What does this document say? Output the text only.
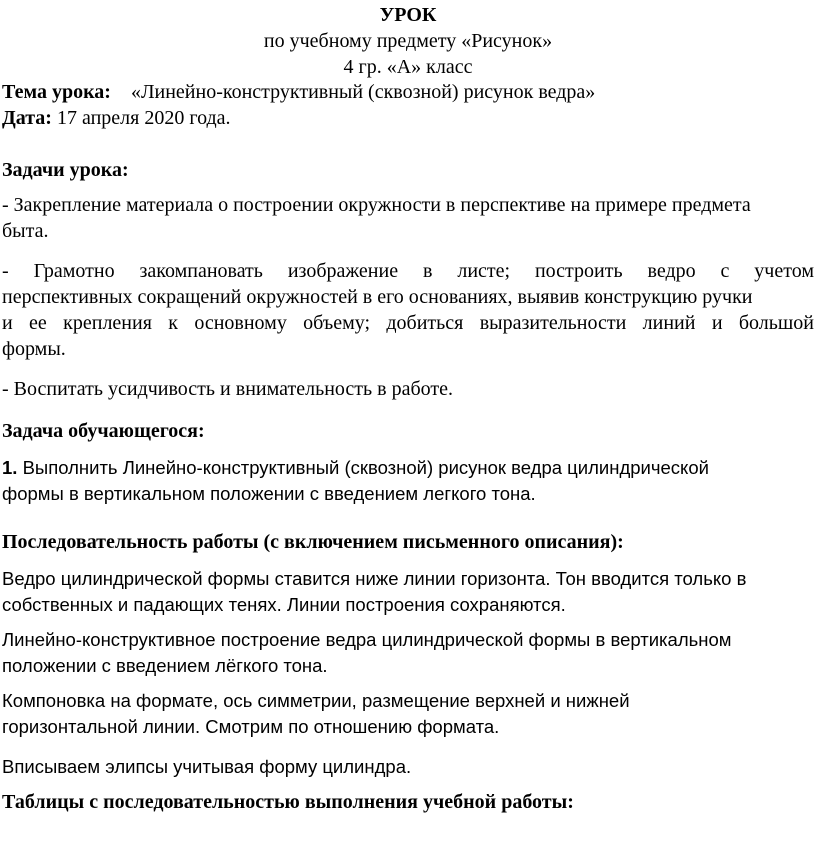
УРОК
по учебному предмету «Рисунок»
4 гр. «А» класс
Тема урока: «Линейно-конструктивный (сквозной) рисунок ведра»
Дата: 17 апреля 2020 года.
Задачи урока:
- Закрепление материала о построении окружности в перспективе на примере предмета
быта.
- Грамотно закомпановать изображение в листе; построить ведро с учетом
перспективных сокращений окружностей в его основаниях, выявив конструкцию ручки
и ее крепления к основному объему; добиться выразительности линий и большой
формы.
- Воспитать усидчивость и внимательность в работе.
Задача обучающегося:
1. Выполнить Линейно-конструктивный (сквозной) рисунок ведра цилиндрической
формы в вертикальном положении с введением легкого тона.
Последовательность работы (с включением письменного описания):
Ведро цилиндрической формы ставится ниже линии горизонта. Тон вводится только в
собственных и падающих тенях. Линии построения сохраняются.
Линейно-конструктивное построение ведра цилиндрической формы в вертикальном
положении с введением лёгкого тона.
Компоновка на формате, ось симметрии, размещение верхней и нижней
горизонтальной линии. Смотрим по отношению формата.
Вписываем элипсы учитывая форму цилиндра.
Таблицы с последовательностью выполнения учебной работы:
